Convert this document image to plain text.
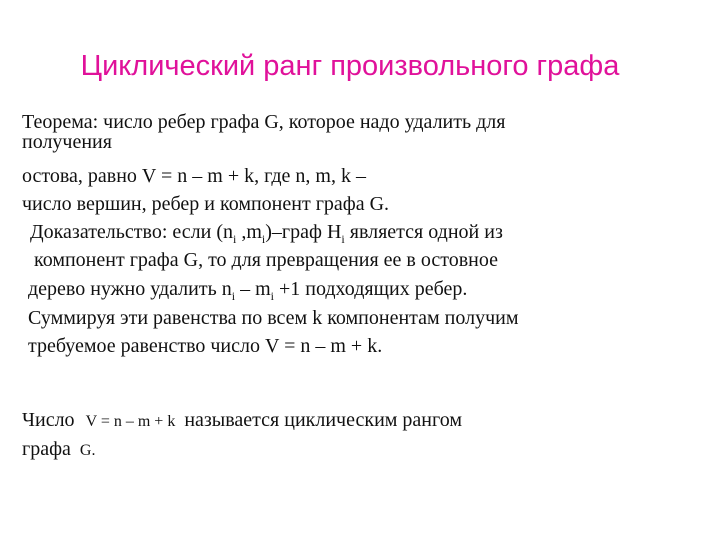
Циклический ранг произвольного графа
Теорема: число ребер графа G, которое надо удалить для
получения
остова, равно V = n – m + k, где n, m, k –
число вершин, ребер и компонент графа G.
Доказательство: если ($n_i$ $,m_i$)–граф $H_i$ является одной из
компонент графа G, то для превращения ее в остовное
дерево нужно удалить $n_i - m_i +1$ подходящих ребер.
Суммируя эти равенства по всем k компонентам получим
требуемое равенство число V = n – m + k.
Число V = n – m + k называется циклическим рангом
графа G.
